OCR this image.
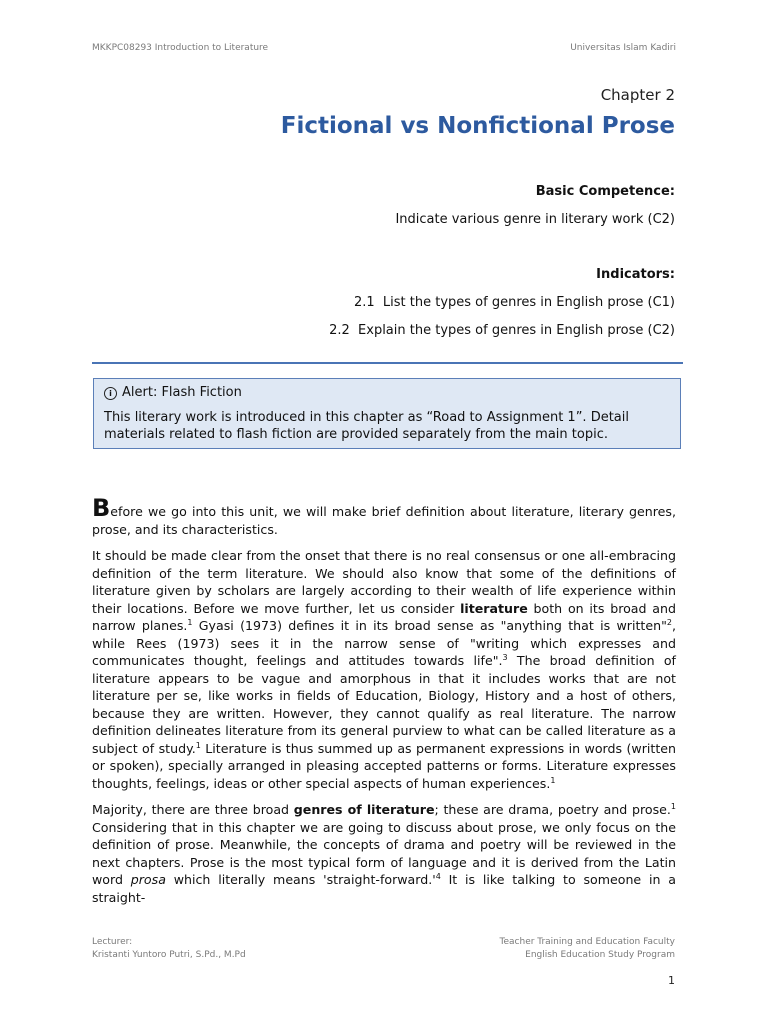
MKKPC08293 Introduction to Literature	Universitas Islam Kadiri
Chapter 2
Fictional vs Nonfictional Prose
Basic Competence:
Indicate various genre in literary work (C2)
Indicators:
2.1  List the types of genres in English prose (C1)
2.2  Explain the types of genres in English prose (C2)
i Alert: Flash Fiction

This literary work is introduced in this chapter as “Road to Assignment 1”. Detail materials related to flash fiction are provided separately from the main topic.

Before we go into this unit, we will make brief definition about literature, literary genres, prose, and its characteristics.

It should be made clear from the onset that there is no real consensus or one all-embracing definition of the term literature. We should also know that some of the definitions of literature given by scholars are largely according to their wealth of life experience within their locations. Before we move further, let us consider literature both on its broad and narrow planes.$^1$ Gyasi (1973) defines it in its broad sense as "anything that is written"$^2$, while Rees (1973) sees it in the narrow sense of "writing which expresses and communicates thought, feelings and attitudes towards life".$^3$ The broad definition of literature appears to be vague and amorphous in that it includes works that are not literature per se, like works in fields of Education, Biology, History and a host of others, because they are written. However, they cannot qualify as real literature. The narrow definition delineates literature from its general purview to what can be called literature as a subject of study.$^1$ Literature is thus summed up as permanent expressions in words (written or spoken), specially arranged in pleasing accepted patterns or forms. Literature expresses thoughts, feelings, ideas or other special aspects of human experiences.$^1$

Majority, there are three broad genres of literature; these are drama, poetry and prose.$^1$ Considering that in this chapter we are going to discuss about prose, we only focus on the definition of prose. Meanwhile, the concepts of drama and poetry will be reviewed in the next chapters. Prose is the most typical form of language and it is derived from the Latin word prosa which literally means '$straight-forward.'^4$ It is like talking to someone in a straight-

Lecturer:
Kristanti Yuntoro Putri, S.Pd., M.Pd
Teacher Training and Education Faculty
English Education Study Program
1
